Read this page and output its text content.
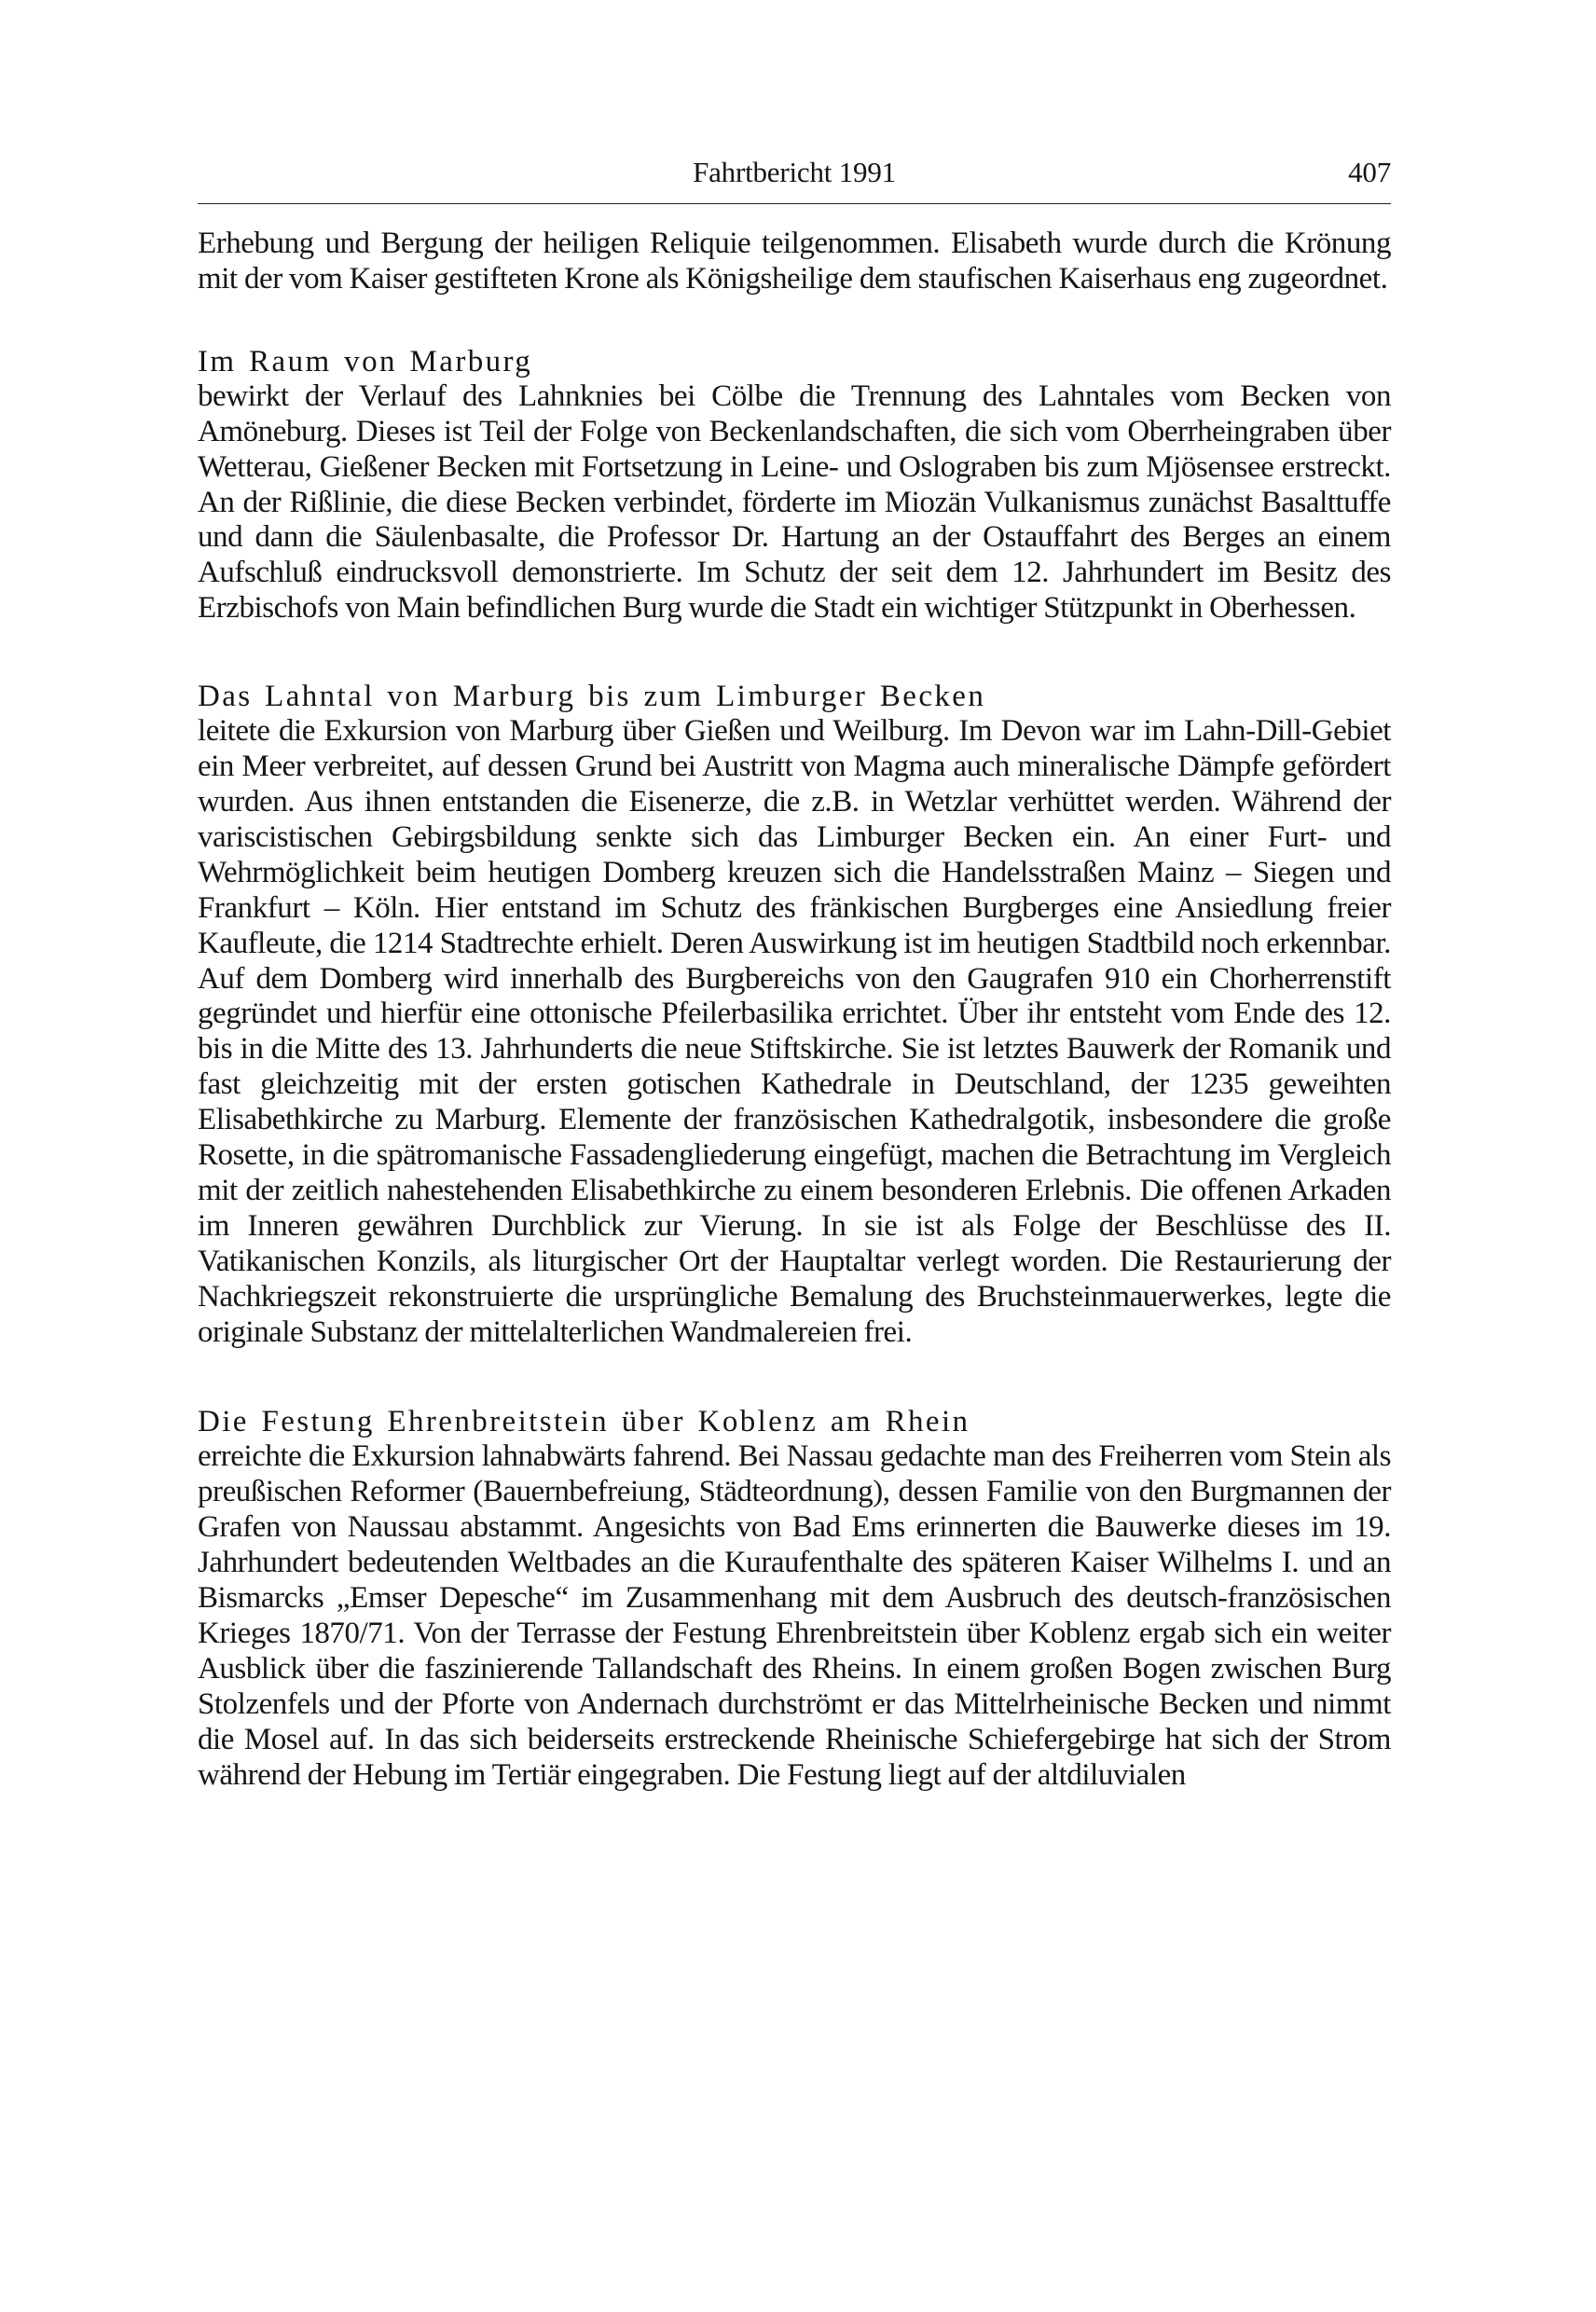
Fahrtbericht 1991	407

Erhebung und Bergung der heiligen Reliquie teilgenommen. Elisabeth wurde durch die Krönung mit der vom Kaiser gestifteten Krone als Königsheilige dem staufischen Kaiserhaus eng zugeordnet.

Im Raum von Marburg

bewirkt der Verlauf des Lahnknies bei Cölbe die Trennung des Lahntales vom Becken von Amöneburg. Dieses ist Teil der Folge von Beckenlandschaften, die sich vom Oberrheingraben über Wetterau, Gießener Becken mit Fortsetzung in Leine- und Oslograben bis zum Mjösensee erstreckt. An der Rißlinie, die diese Becken verbindet, förderte im Miozän Vulkanismus zunächst Basalttuffe und dann die Säulenbasalte, die Professor Dr. Hartung an der Ostauffahrt des Berges an einem Aufschluß eindrucksvoll demonstrierte. Im Schutz der seit dem 12. Jahrhundert im Besitz des Erzbischofs von Main befindlichen Burg wurde die Stadt ein wichtiger Stützpunkt in Oberhessen.

Das Lahntal von Marburg bis zum Limburger Becken

leitete die Exkursion von Marburg über Gießen und Weilburg. Im Devon war im Lahn-Dill-Gebiet ein Meer verbreitet, auf dessen Grund bei Austritt von Magma auch mineralische Dämpfe gefördert wurden. Aus ihnen entstanden die Eisenerze, die z.B. in Wetzlar verhüttet werden. Während der variscistischen Gebirgsbildung senkte sich das Limburger Becken ein. An einer Furt- und Wehrmöglichkeit beim heutigen Domberg kreuzen sich die Handelsstraßen Mainz – Siegen und Frankfurt – Köln. Hier entstand im Schutz des fränkischen Burgberges eine Ansiedlung freier Kaufleute, die 1214 Stadtrechte erhielt. Deren Auswirkung ist im heutigen Stadtbild noch erkennbar. Auf dem Domberg wird innerhalb des Burgbereichs von den Gaugrafen 910 ein Chorherrenstift gegründet und hierfür eine ottonische Pfeilerbasilika errichtet. Über ihr entsteht vom Ende des 12. bis in die Mitte des 13. Jahrhunderts die neue Stiftskirche. Sie ist letztes Bauwerk der Romanik und fast gleichzeitig mit der ersten gotischen Kathedrale in Deutschland, der 1235 geweihten Elisabethkirche zu Marburg. Elemente der französischen Kathedralgotik, insbesondere die große Rosette, in die spätromanische Fassadengliederung eingefügt, machen die Betrachtung im Vergleich mit der zeitlich nahestehenden Elisabethkirche zu einem besonderen Erlebnis. Die offenen Arkaden im Inneren gewähren Durchblick zur Vierung. In sie ist als Folge der Beschlüsse des II. Vatikanischen Konzils, als liturgischer Ort der Hauptaltar verlegt worden. Die Restaurierung der Nachkriegszeit rekonstruierte die ursprüngliche Bemalung des Bruchsteinmauerwerkes, legte die originale Substanz der mittelalterlichen Wandmalereien frei.

Die Festung Ehrenbreitstein über Koblenz am Rhein

erreichte die Exkursion lahnabwärts fahrend. Bei Nassau gedachte man des Freiherren vom Stein als preußischen Reformer (Bauernbefreiung, Städteordnung), dessen Familie von den Burgmannen der Grafen von Naussau abstammt. Angesichts von Bad Ems erinnerten die Bauwerke dieses im 19. Jahrhundert bedeutenden Weltbades an die Kuraufenthalte des späteren Kaiser Wilhelms I. und an Bismarcks „Emser Depesche“ im Zusammenhang mit dem Ausbruch des deutsch-französischen Krieges 1870/71. Von der Terrasse der Festung Ehrenbreitstein über Koblenz ergab sich ein weiter Ausblick über die faszinierende Tallandschaft des Rheins. In einem großen Bogen zwischen Burg Stolzenfels und der Pforte von Andernach durchströmt er das Mittelrheinische Becken und nimmt die Mosel auf. In das sich beiderseits erstreckende Rheinische Schiefergebirge hat sich der Strom während der Hebung im Tertiär eingegraben. Die Festung liegt auf der altdiluvialen
